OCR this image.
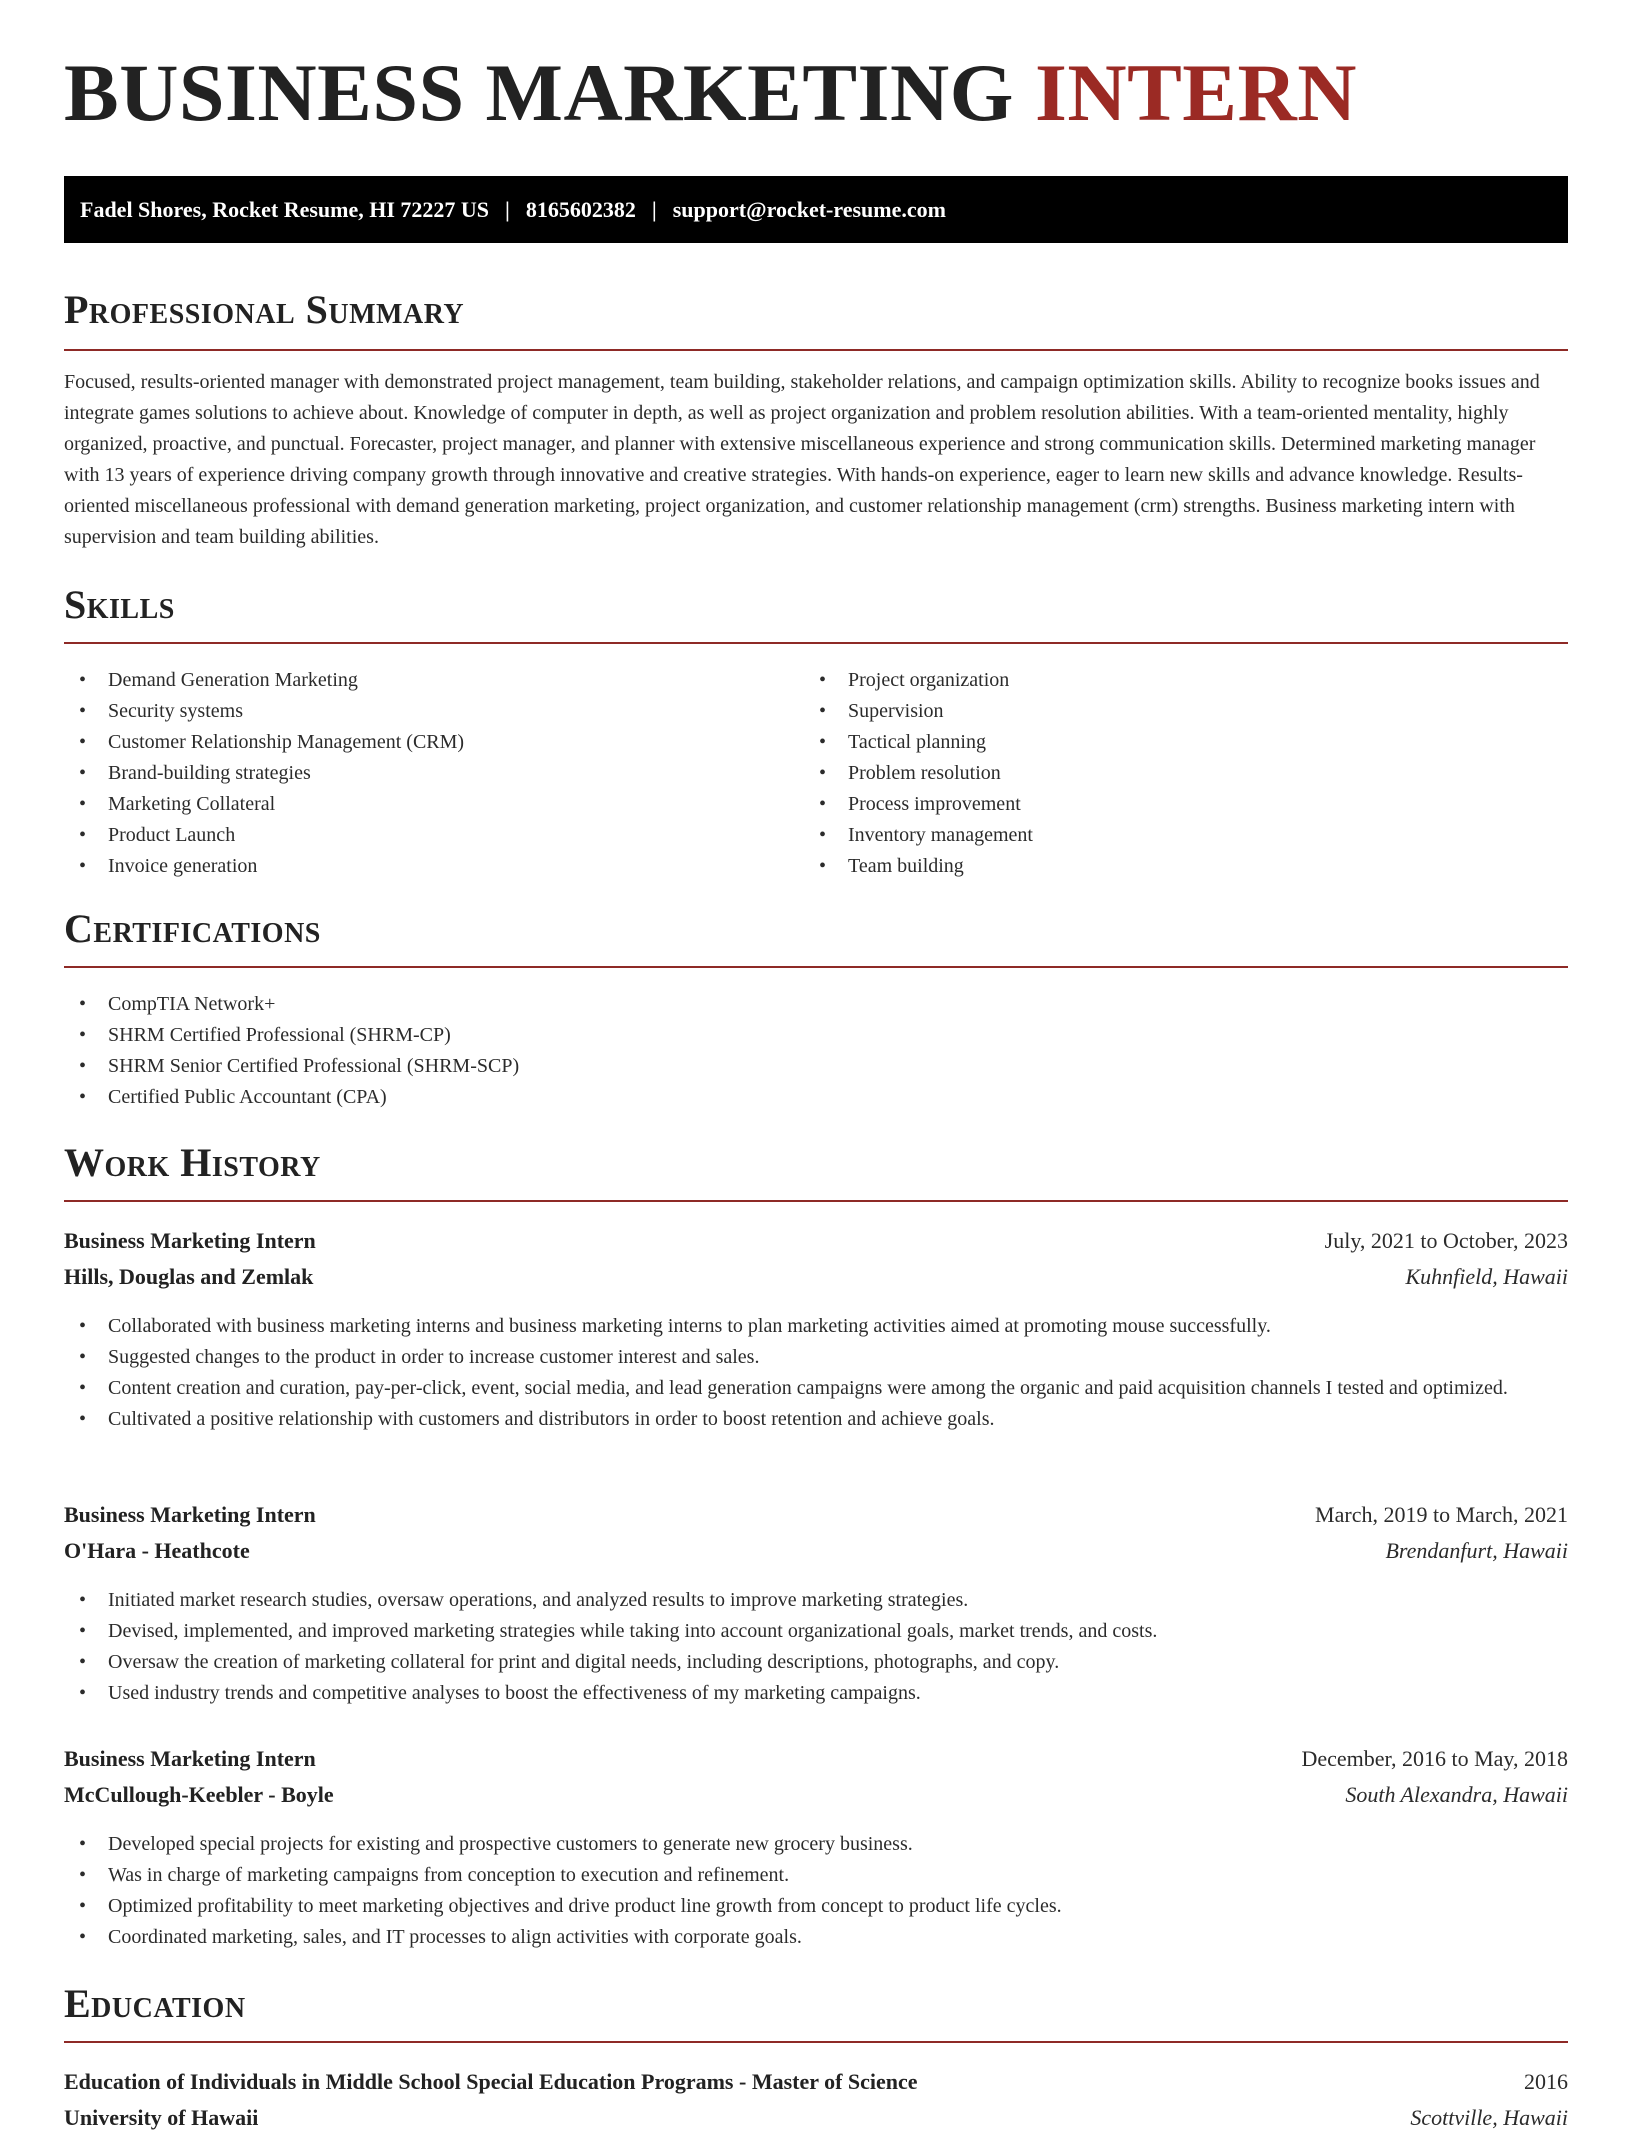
BUSINESS MARKETING INTERN
Fadel Shores, Rocket Resume, HI 72227 US | 8165602382 | support@rocket-resume.com
Professional Summary

Focused, results-oriented manager with demonstrated project management, team building, stakeholder relations, and campaign optimization skills. Ability to recognize books issues and integrate games solutions to achieve about. Knowledge of computer in depth, as well as project organization and problem resolution abilities. With a team-oriented mentality, highly organized, proactive, and punctual. Forecaster, project manager, and planner with extensive miscellaneous experience and strong communication skills. Determined marketing manager with 13 years of experience driving company growth through innovative and creative strategies. With hands-on experience, eager to learn new skills and advance knowledge. Results-oriented miscellaneous professional with demand generation marketing, project organization, and customer relationship management (crm) strengths. Business marketing intern with supervision and team building abilities.

Skills
• Demand Generation Marketing
• Security systems
• Customer Relationship Management (CRM)
• Brand-building strategies
• Marketing Collateral
• Product Launch
• Invoice generation
• Project organization
• Supervision
• Tactical planning
• Problem resolution
• Process improvement
• Inventory management
• Team building
Certifications
• CompTIA Network+
• SHRM Certified Professional (SHRM-CP)
• SHRM Senior Certified Professional (SHRM-SCP)
• Certified Public Accountant (CPA)
Work History
Business Marketing Intern	July, 2021 to October, 2023
Hills, Douglas and Zemlak	Kuhnfield, Hawaii
• Collaborated with business marketing interns and business marketing interns to plan marketing activities aimed at promoting mouse successfully.
• Suggested changes to the product in order to increase customer interest and sales.
• Content creation and curation, pay-per-click, event, social media, and lead generation campaigns were among the organic and paid acquisition channels I tested and optimized.
• Cultivated a positive relationship with customers and distributors in order to boost retention and achieve goals.
Business Marketing Intern	March, 2019 to March, 2021
O'Hara - Heathcote	Brendanfurt, Hawaii
• Initiated market research studies, oversaw operations, and analyzed results to improve marketing strategies.
• Devised, implemented, and improved marketing strategies while taking into account organizational goals, market trends, and costs.
• Oversaw the creation of marketing collateral for print and digital needs, including descriptions, photographs, and copy.
• Used industry trends and competitive analyses to boost the effectiveness of my marketing campaigns.
Business Marketing Intern	December, 2016 to May, 2018
McCullough-Keebler - Boyle	South Alexandra, Hawaii
• Developed special projects for existing and prospective customers to generate new grocery business.
• Was in charge of marketing campaigns from conception to execution and refinement.
• Optimized profitability to meet marketing objectives and drive product line growth from concept to product life cycles.
• Coordinated marketing, sales, and IT processes to align activities with corporate goals.
Education
Education of Individuals in Middle School Special Education Programs - Master of Science	2016
University of Hawaii	Scottville, Hawaii
